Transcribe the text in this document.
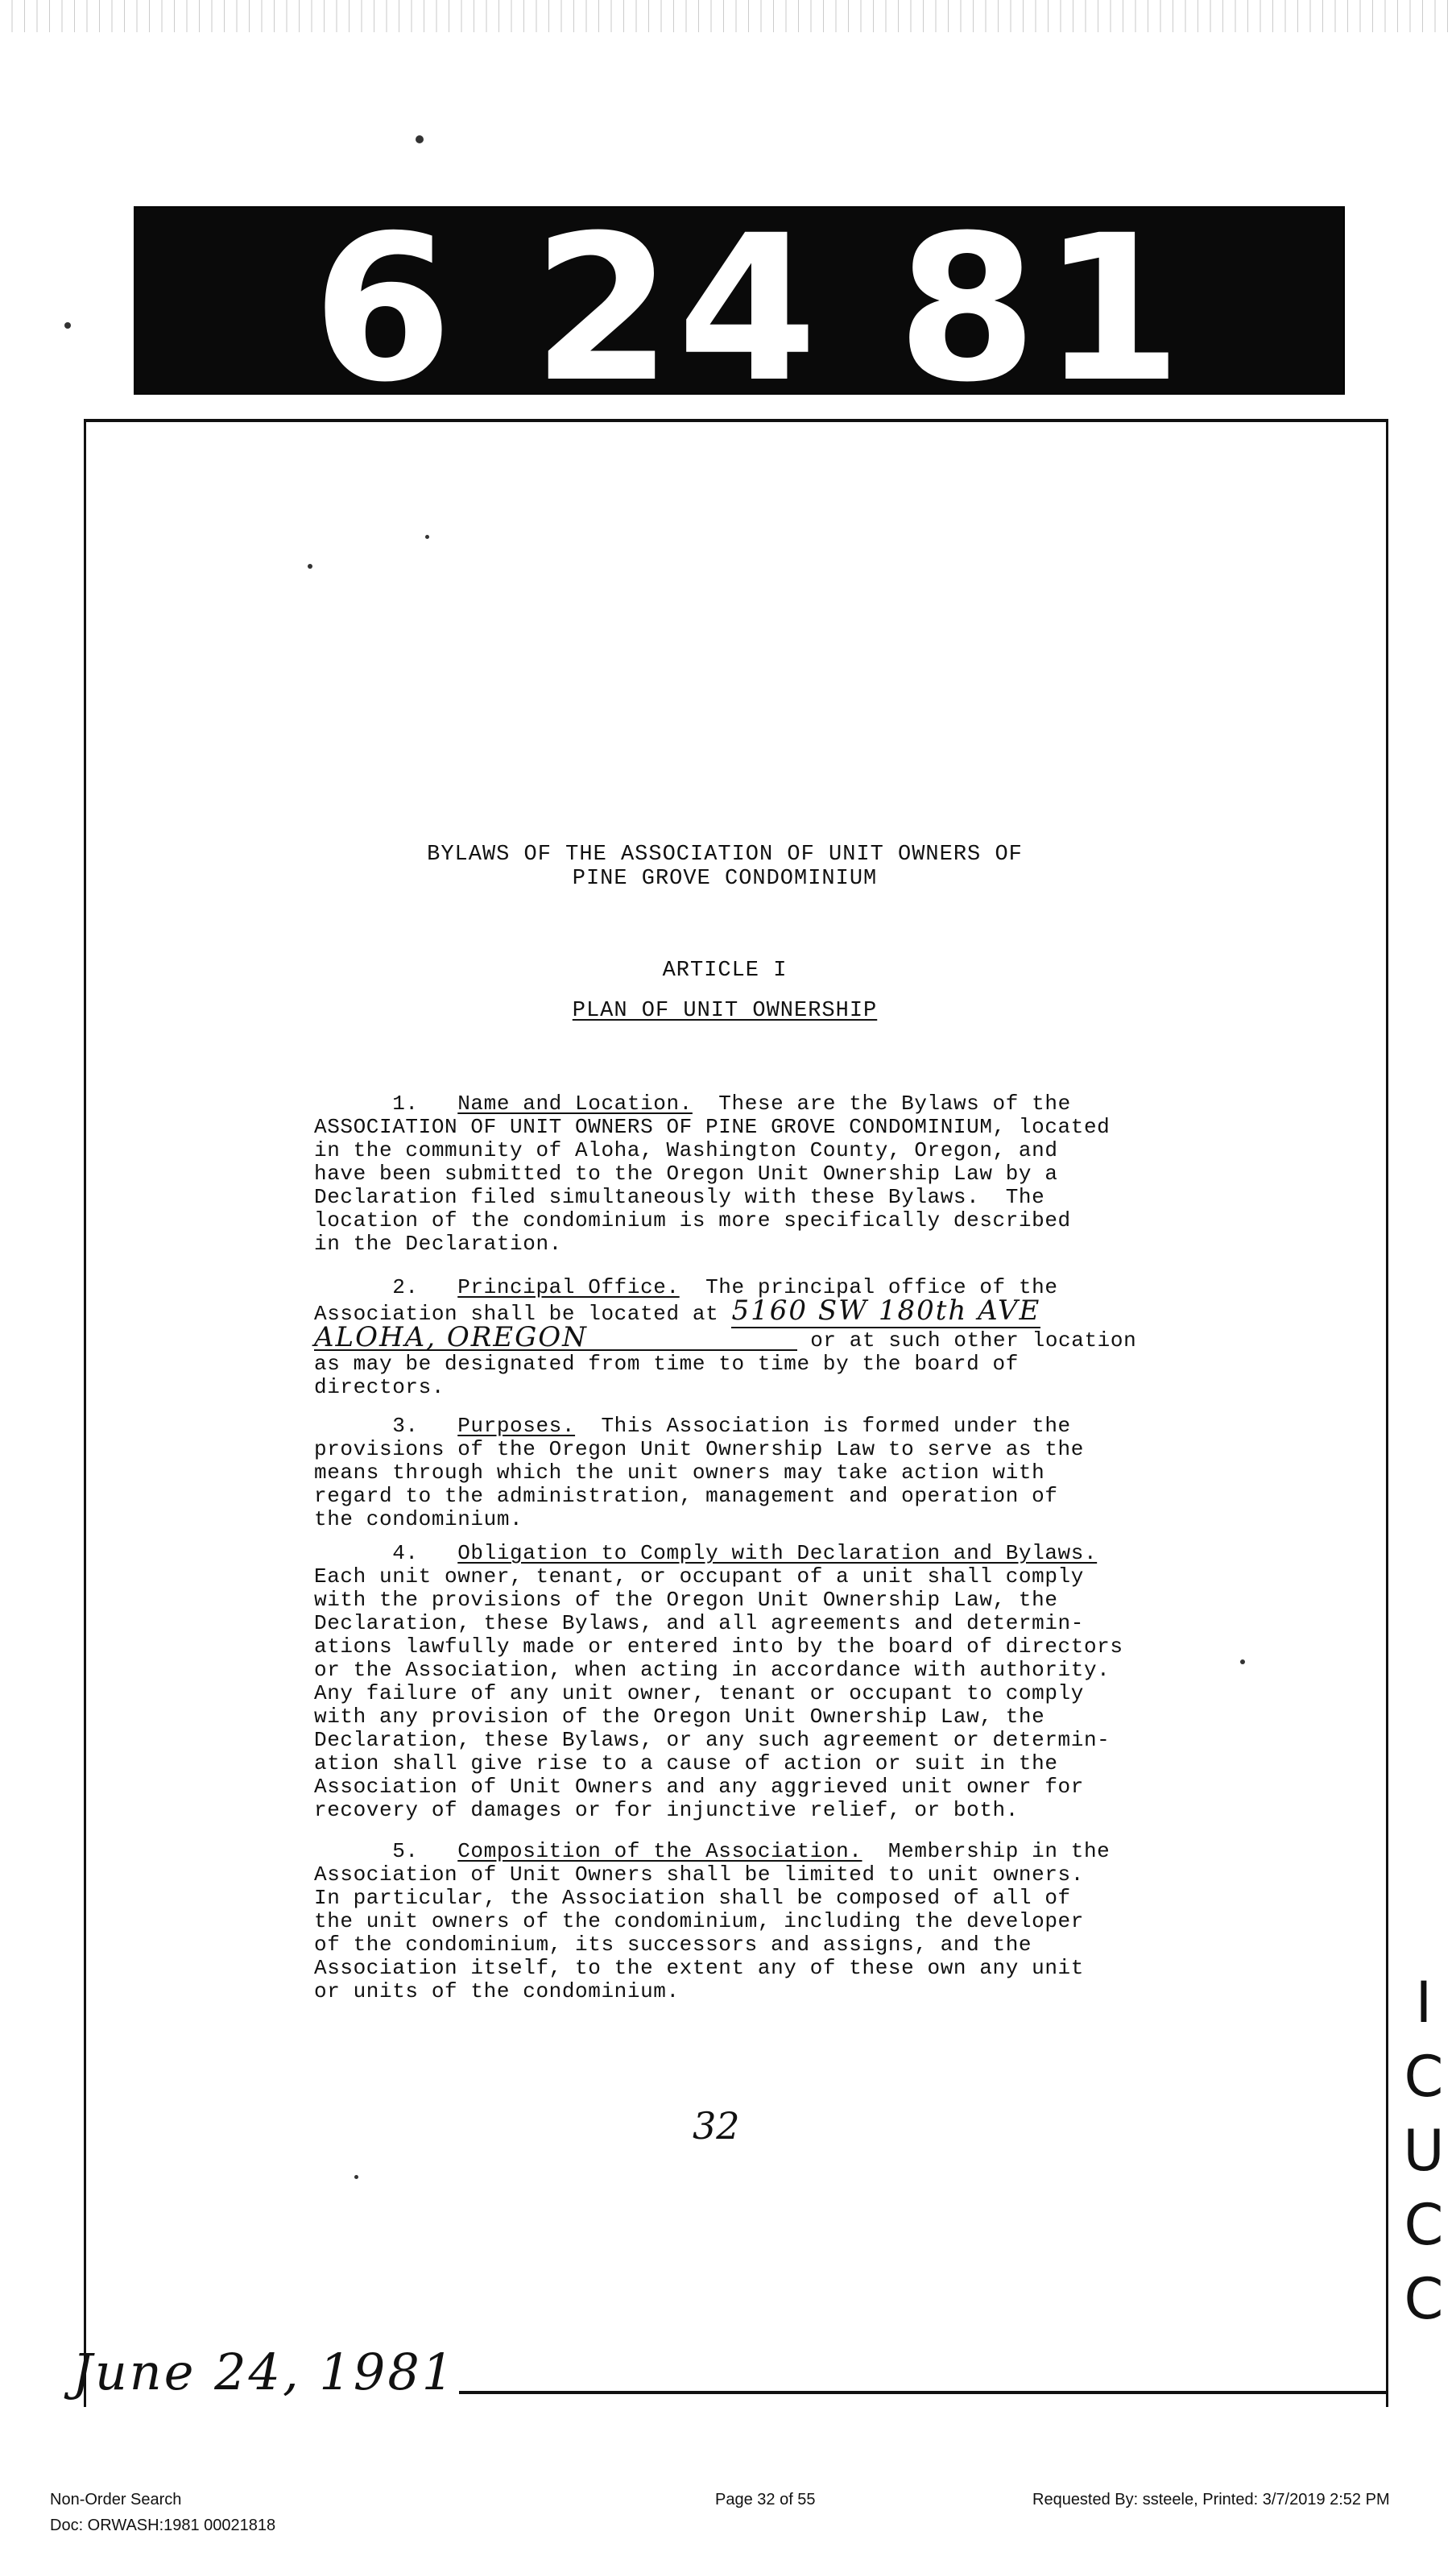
6 24 81
BYLAWS OF THE ASSOCIATION OF UNIT OWNERS OF
PINE GROVE CONDOMINIUM
ARTICLE I
PLAN OF UNIT OWNERSHIP
1. Name and Location. These are the Bylaws of the
ASSOCIATION OF UNIT OWNERS OF PINE GROVE CONDOMINIUM, located
in the community of Aloha, Washington County, Oregon, and
have been submitted to the Oregon Unit Ownership Law by a
Declaration filed simultaneously with these Bylaws.  The
location of the condominium is more specifically described
in the Declaration.
2. Principal Office. The principal office of the
Association shall be located at 5160 SW 180th AVE
ALOHA, OREGON	or at such other location
as may be designated from time to time by the board of
directors.
3. Purposes. This Association is formed under the
provisions of the Oregon Unit Ownership Law to serve as the
means through which the unit owners may take action with
regard to the administration, management and operation of
the condominium.
4. Obligation to Comply with Declaration and Bylaws.
Each unit owner, tenant, or occupant of a unit shall comply
with the provisions of the Oregon Unit Ownership Law, the
Declaration, these Bylaws, and all agreements and determin-
ations lawfully made or entered into by the board of directors
or the Association, when acting in accordance with authority.
Any failure of any unit owner, tenant or occupant to comply
with any provision of the Oregon Unit Ownership Law, the
Declaration, these Bylaws, or any such agreement or determin-
ation shall give rise to a cause of action or suit in the
Association of Unit Owners and any aggrieved unit owner for
recovery of damages or for injunctive relief, or both.
5. Composition of the Association. Membership in the
Association of Unit Owners shall be limited to unit owners.
In particular, the Association shall be composed of all of
the unit owners of the condominium, including the developer
of the condominium, its successors and assigns, and the
Association itself, to the extent any of these own any unit
or units of the condominium.
32
June 24, 1981
I
C
U
C
C
Non-Order Search
Doc: ORWASH:1981 00021818
Page 32 of 55	Requested By: ssteele, Printed: 3/7/2019 2:52 PM
